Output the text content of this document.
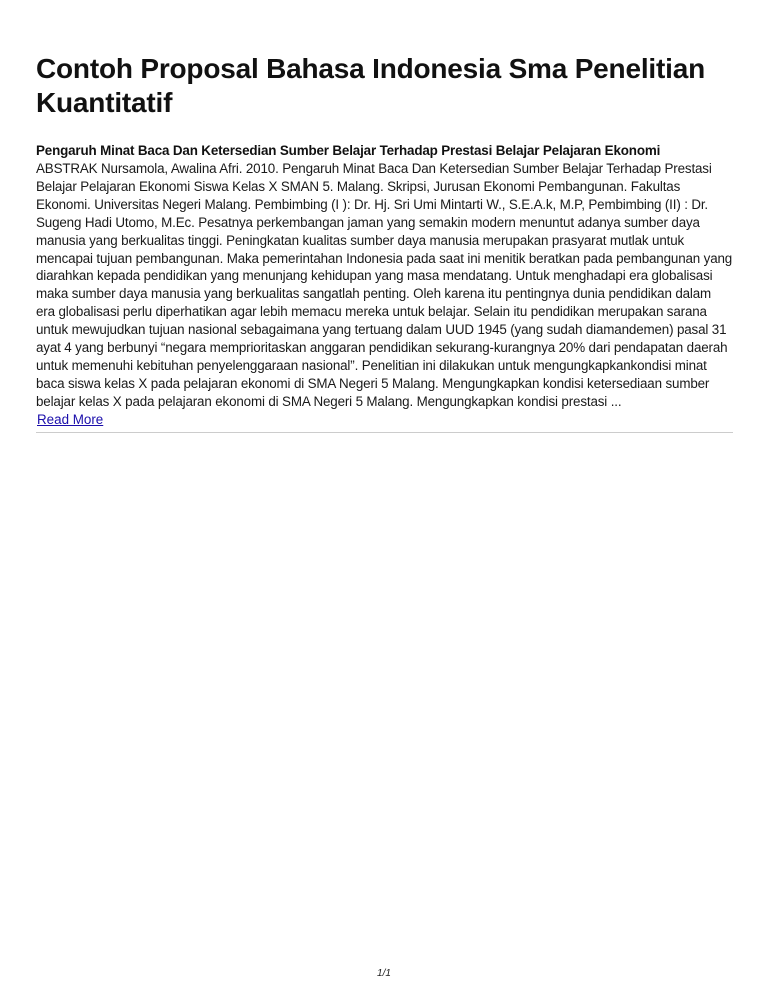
Contoh Proposal Bahasa Indonesia Sma Penelitian Kuantitatif

Pengaruh Minat Baca Dan Ketersedian Sumber Belajar Terhadap Prestasi Belajar Pelajaran Ekonomi

ABSTRAK Nursamola, Awalina Afri. 2010. Pengaruh Minat Baca Dan Ketersedian Sumber Belajar Terhadap Prestasi Belajar Pelajaran Ekonomi Siswa Kelas X SMAN 5. Malang. Skripsi, Jurusan Ekonomi Pembangunan. Fakultas Ekonomi. Universitas Negeri Malang. Pembimbing (I ): Dr. Hj. Sri Umi Mintarti W., S.E.A.k, M.P, Pembimbing (II) : Dr. Sugeng Hadi Utomo, M.Ec. Pesatnya perkembangan jaman yang semakin modern menuntut adanya sumber daya manusia yang berkualitas tinggi. Peningkatan kualitas sumber daya manusia merupakan prasyarat mutlak untuk mencapai tujuan pembangunan. Maka pemerintahan Indonesia pada saat ini menitik beratkan pada pembangunan yang diarahkan kepada pendidikan yang menunjang kehidupan yang masa mendatang. Untuk menghadapi era globalisasi maka sumber daya manusia yang berkualitas sangatlah penting. Oleh karena itu pentingnya dunia pendidikan dalam era globalisasi perlu diperhatikan agar lebih memacu mereka untuk belajar. Selain itu pendidikan merupakan sarana untuk mewujudkan tujuan nasional sebagaimana yang tertuang dalam UUD 1945 (yang sudah diamandemen) pasal 31 ayat 4 yang berbunyi “negara memprioritaskan anggaran pendidikan sekurang-kurangnya 20% dari pendapatan daerah untuk memenuhi kebituhan penyelenggaraan nasional”. Penelitian ini dilakukan untuk mengungkapkankondisi minat baca siswa kelas X pada pelajaran ekonomi di SMA Negeri 5 Malang. Mengungkapkan kondisi ketersediaan sumber belajar kelas X pada pelajaran ekonomi di SMA Negeri 5 Malang. Mengungkapkan kondisi prestasi ...

Read More
1/1
